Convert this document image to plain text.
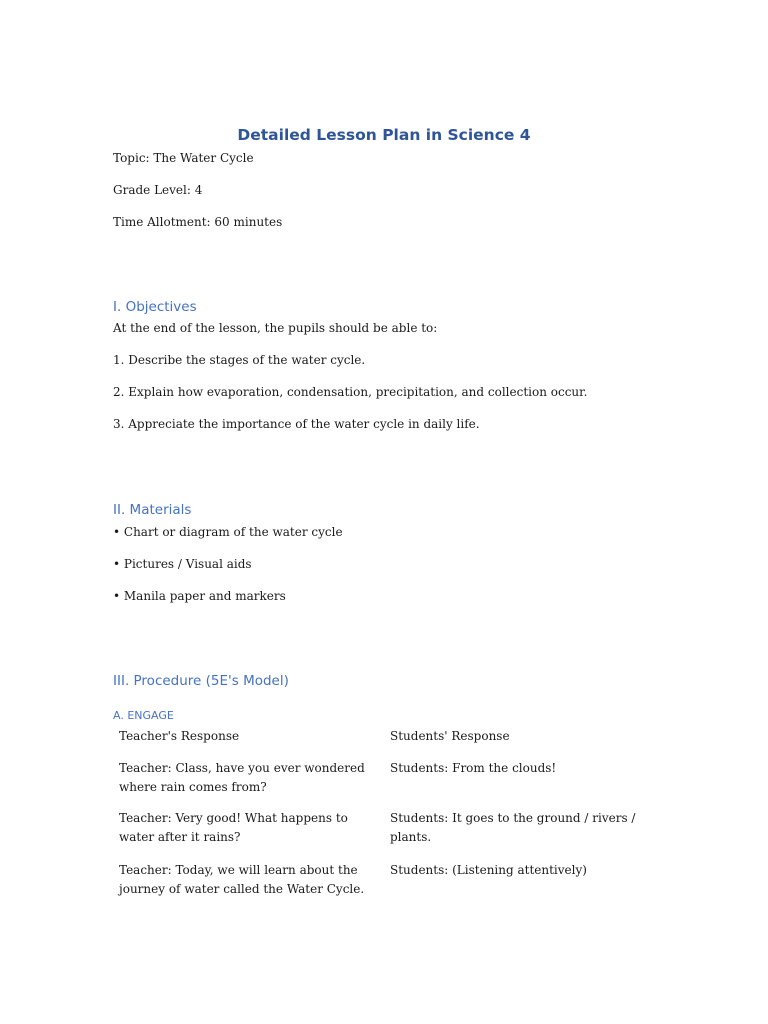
Detailed Lesson Plan in Science 4
Topic: The Water Cycle
Grade Level: 4
Time Allotment: 60 minutes
I. Objectives
At the end of the lesson, the pupils should be able to:
1. Describe the stages of the water cycle.
2. Explain how evaporation, condensation, precipitation, and collection occur.
3. Appreciate the importance of the water cycle in daily life.
II. Materials
• Chart or diagram of the water cycle
• Pictures / Visual aids
• Manila paper and markers
III. Procedure (5E's Model)
A. ENGAGE
Teacher's Response	Students' Response
Teacher: Class, have you ever wondered where rain comes from?
Students: From the clouds!
Teacher: Very good! What happens to water after it rains?
Students: It goes to the ground / rivers / plants.
Teacher: Today, we will learn about the journey of water called the Water Cycle.
Students: (Listening attentively)
